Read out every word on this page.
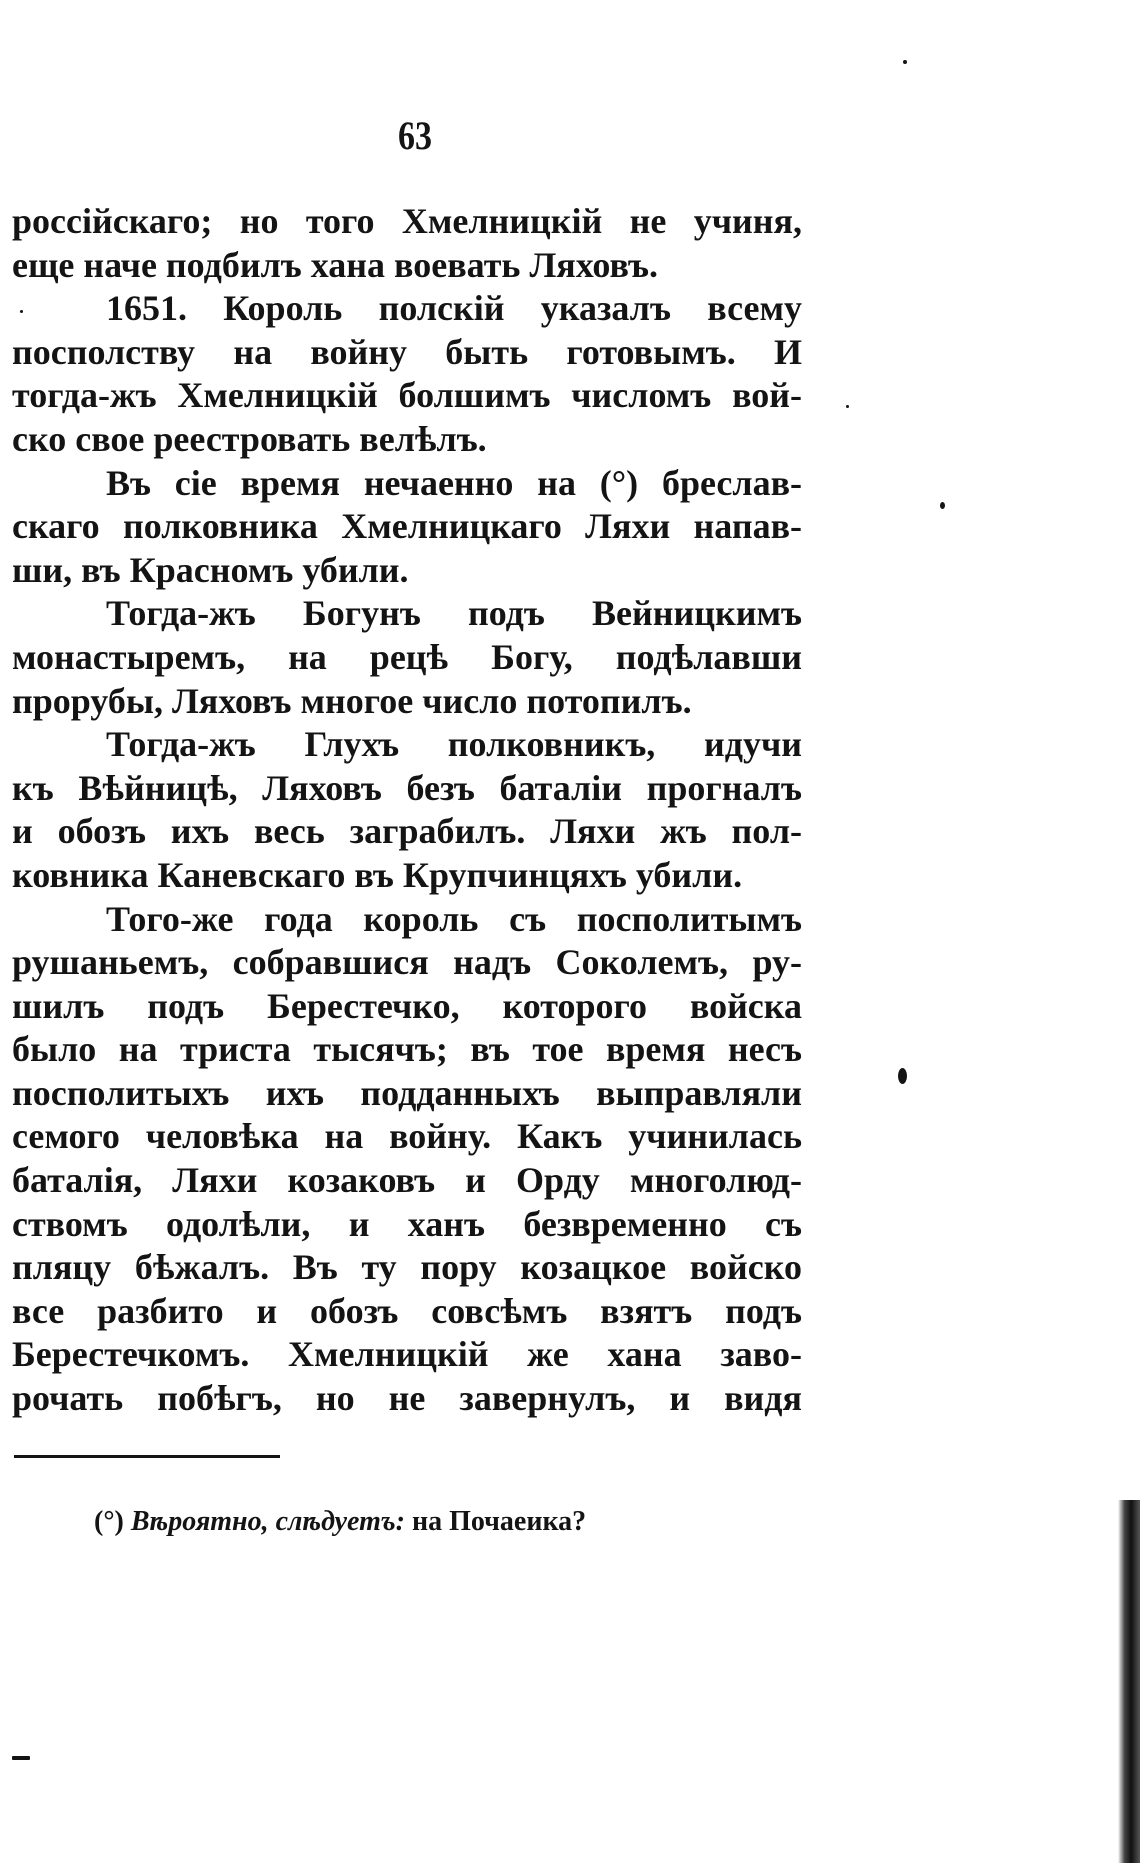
63
россійскаго; но того Хмелницкій не учиня,
еще наче подбилъ хана воевать Ляховъ.
1651. Король полскій указалъ всему
посполству на войну быть готовымъ. И
тогда-жъ Хмелницкій болшимъ числомъ вой-
ско свое реестровать велѣлъ.
Въ сіе время нечаенно на (°) бреслав-
скаго полковника Хмелницкаго Ляхи напав-
ши, въ Красномъ убили.
Тогда-жъ Богунъ подъ Вейницкимъ
монастыремъ, на рецѣ Богу, подѣлавши
прорубы, Ляховъ многое число потопилъ.
Тогда-жъ Глухъ полковникъ, идучи
къ Вѣйницѣ, Ляховъ безъ баталіи прогналъ
и обозъ ихъ весь заграбилъ. Ляхи жъ пол-
ковника Каневскаго въ Крупчинцяхъ убили.
Того-же года король съ посполитымъ
рушаньемъ, собравшися надъ Соколемъ, ру-
шилъ подъ Берестечко, которого войска
было на триста тысячъ; въ тое время несъ
посполитыхъ ихъ подданныхъ выправляли
семого человѣка на войну. Какъ учинилась
баталія, Ляхи козаковъ и Орду многолюд-
ствомъ одолѣли, и ханъ безвременно съ
пляцу бѣжалъ. Въ ту пору козацкое войско
все разбито и обозъ совсѣмъ взятъ подъ
Берестечкомъ. Хмелницкій же хана заво-
рочать побѣгъ, но не завернулъ, и видя
(°) Вѣроятно, слѣдуетъ: на Почаеика?
